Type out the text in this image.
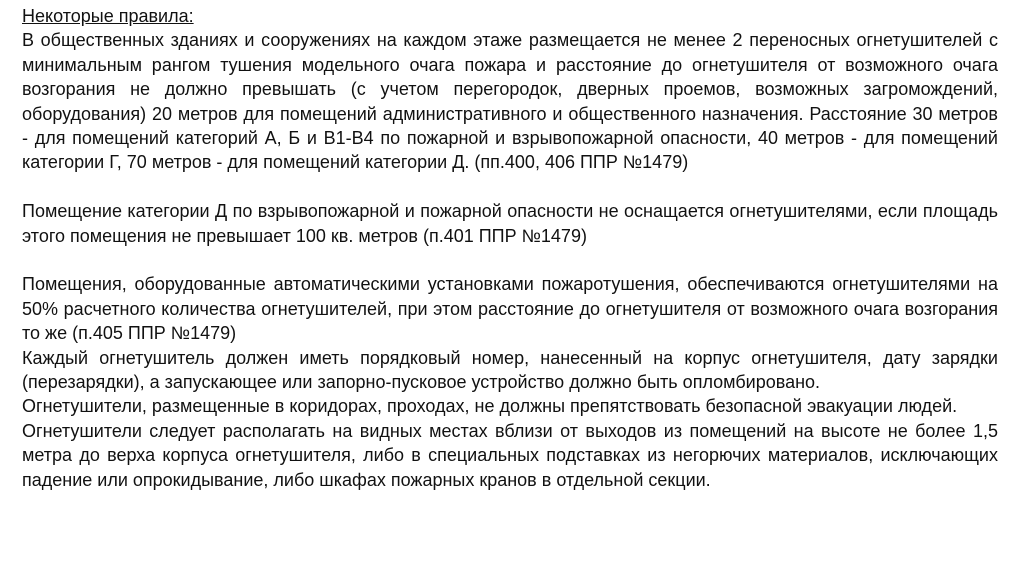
Некоторые правила:

В общественных зданиях и сооружениях на каждом этаже размещается не менее 2 переносных огнетушителей с минимальным рангом тушения модельного очага пожара и расстояние до огнетушителя от возможного очага возгорания не должно превышать (с учетом перегородок, дверных проемов, возможных загромождений, оборудования) 20 метров для помещений административного и общественного назначения. Расстояние 30 метров - для помещений категорий А, Б и В1-В4 по пожарной и взрывопожарной опасности, 40 метров - для помещений категории Г, 70 метров - для помещений категории Д. (пп.400, 406 ППР №1479)

Помещение категории Д по взрывопожарной и пожарной опасности не оснащается огнетушителями, если площадь этого помещения не превышает 100 кв. метров (п.401 ППР №1479)

Помещения, оборудованные автоматическими установками пожаротушения, обеспечиваются огнетушителями на 50% расчетного количества огнетушителей, при этом расстояние до огнетушителя от возможного очага возгорания то же (п.405 ППР №1479)

Каждый огнетушитель должен иметь порядковый номер, нанесенный на корпус огнетушителя, дату зарядки (перезарядки), а запускающее или запорно-пусковое устройство должно быть опломбировано.

Огнетушители, размещенные в коридорах, проходах, не должны препятствовать безопасной эвакуации людей.

Огнетушители следует располагать на видных местах вблизи от выходов из помещений на высоте не более 1,5 метра до верха корпуса огнетушителя, либо в специальных подставках из негорючих материалов, исключающих падение или опрокидывание, либо шкафах пожарных кранов в отдельной секции.
